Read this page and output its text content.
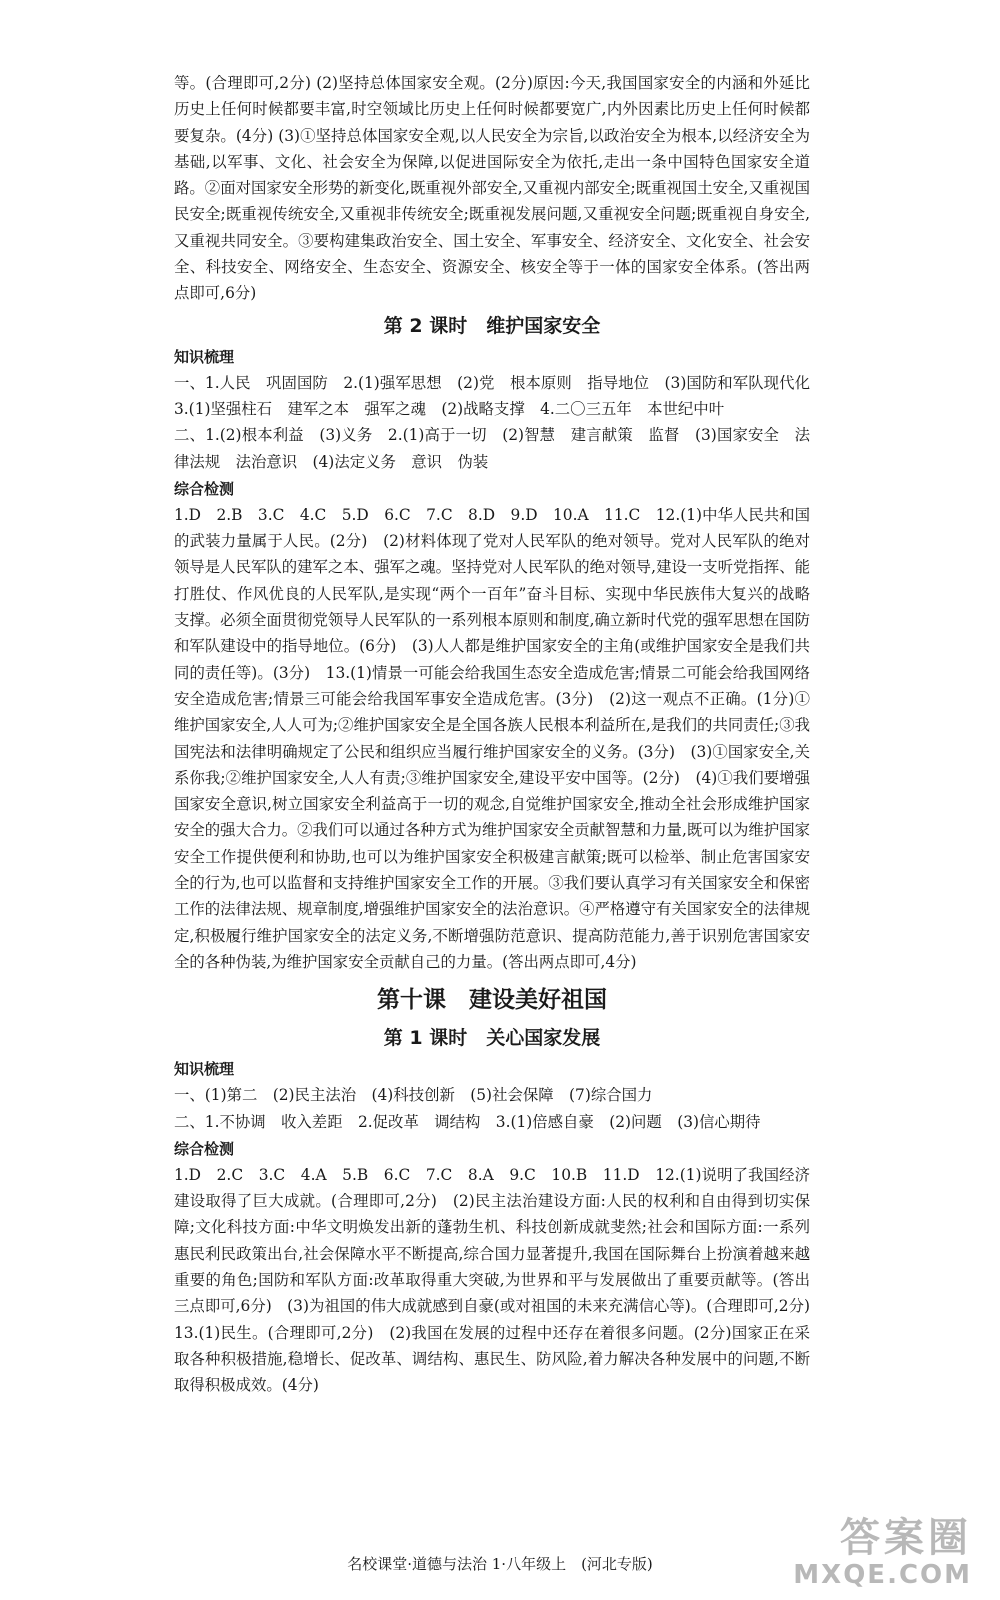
等。(合理即可,2分) (2)坚持总体国家安全观。(2分)原因:今天,我国国家安全的内涵和外延比历史上任何时候都要丰富,时空领域比历史上任何时候都要宽广,内外因素比历史上任何时候都要复杂。(4分) (3)①坚持总体国家安全观,以人民安全为宗旨,以政治安全为根本,以经济安全为基础,以军事、文化、社会安全为保障,以促进国际安全为依托,走出一条中国特色国家安全道路。②面对国家安全形势的新变化,既重视外部安全,又重视内部安全;既重视国土安全,又重视国民安全;既重视传统安全,又重视非传统安全;既重视发展问题,又重视安全问题;既重视自身安全,又重视共同安全。③要构建集政治安全、国土安全、军事安全、经济安全、文化安全、社会安全、科技安全、网络安全、生态安全、资源安全、核安全等于一体的国家安全体系。(答出两点即可,6分)

第 2 课时　维护国家安全
知识梳理

一、1.人民　巩固国防　2.(1)强军思想　(2)党　根本原则　指导地位　(3)国防和军队现代化　3.(1)坚强柱石　建军之本　强军之魂　(2)战略支撑　4.二〇三五年　本世纪中叶

二、1.(2)根本利益　(3)义务　2.(1)高于一切　(2)智慧　建言献策　监督　(3)国家安全　法律法规　法治意识　(4)法定义务　意识　伪装

综合检测

1.D　2.B　3.C　4.C　5.D　6.C　7.C　8.D　9.D　10.A　11.C　12.(1)中华人民共和国的武装力量属于人民。(2分)　(2)材料体现了党对人民军队的绝对领导。党对人民军队的绝对领导是人民军队的建军之本、强军之魂。坚持党对人民军队的绝对领导,建设一支听党指挥、能打胜仗、作风优良的人民军队,是实现“两个一百年”奋斗目标、实现中华民族伟大复兴的战略支撑。必须全面贯彻党领导人民军队的一系列根本原则和制度,确立新时代党的强军思想在国防和军队建设中的指导地位。(6分)　(3)人人都是维护国家安全的主角(或维护国家安全是我们共同的责任等)。(3分)　13.(1)情景一可能会给我国生态安全造成危害;情景二可能会给我国网络安全造成危害;情景三可能会给我国军事安全造成危害。(3分)　(2)这一观点不正确。(1分)①维护国家安全,人人可为;②维护国家安全是全国各族人民根本利益所在,是我们的共同责任;③我国宪法和法律明确规定了公民和组织应当履行维护国家安全的义务。(3分)　(3)①国家安全,关系你我;②维护国家安全,人人有责;③维护国家安全,建设平安中国等。(2分)　(4)①我们要增强国家安全意识,树立国家安全利益高于一切的观念,自觉维护国家安全,推动全社会形成维护国家安全的强大合力。②我们可以通过各种方式为维护国家安全贡献智慧和力量,既可以为维护国家安全工作提供便利和协助,也可以为维护国家安全积极建言献策;既可以检举、制止危害国家安全的行为,也可以监督和支持维护国家安全工作的开展。③我们要认真学习有关国家安全和保密工作的法律法规、规章制度,增强维护国家安全的法治意识。④严格遵守有关国家安全的法律规定,积极履行维护国家安全的法定义务,不断增强防范意识、提高防范能力,善于识别危害国家安全的各种伪装,为维护国家安全贡献自己的力量。(答出两点即可,4分)

第十课　建设美好祖国
第 1 课时　关心国家发展
知识梳理

一、(1)第二　(2)民主法治　(4)科技创新　(5)社会保障　(7)综合国力

二、1.不协调　收入差距　2.促改革　调结构　3.(1)倍感自豪　(2)问题　(3)信心期待

综合检测

1.D　2.C　3.C　4.A　5.B　6.C　7.C　8.A　9.C　10.B　11.D　12.(1)说明了我国经济建设取得了巨大成就。(合理即可,2分)　(2)民主法治建设方面:人民的权利和自由得到切实保障;文化科技方面:中华文明焕发出新的蓬勃生机、科技创新成就斐然;社会和国际方面:一系列惠民利民政策出台,社会保障水平不断提高,综合国力显著提升,我国在国际舞台上扮演着越来越重要的角色;国防和军队方面:改革取得重大突破,为世界和平与发展做出了重要贡献等。(答出三点即可,6分)　(3)为祖国的伟大成就感到自豪(或对祖国的未来充满信心等)。(合理即可,2分)　13.(1)民生。(合理即可,2分)　(2)我国在发展的过程中还存在着很多问题。(2分)国家正在采取各种积极措施,稳增长、促改革、调结构、惠民生、防风险,着力解决各种发展中的问题,不断取得积极成效。(4分)

名校课堂·道德与法治 1·八年级上　(河北专版)
答案圈
MXQE.COM
